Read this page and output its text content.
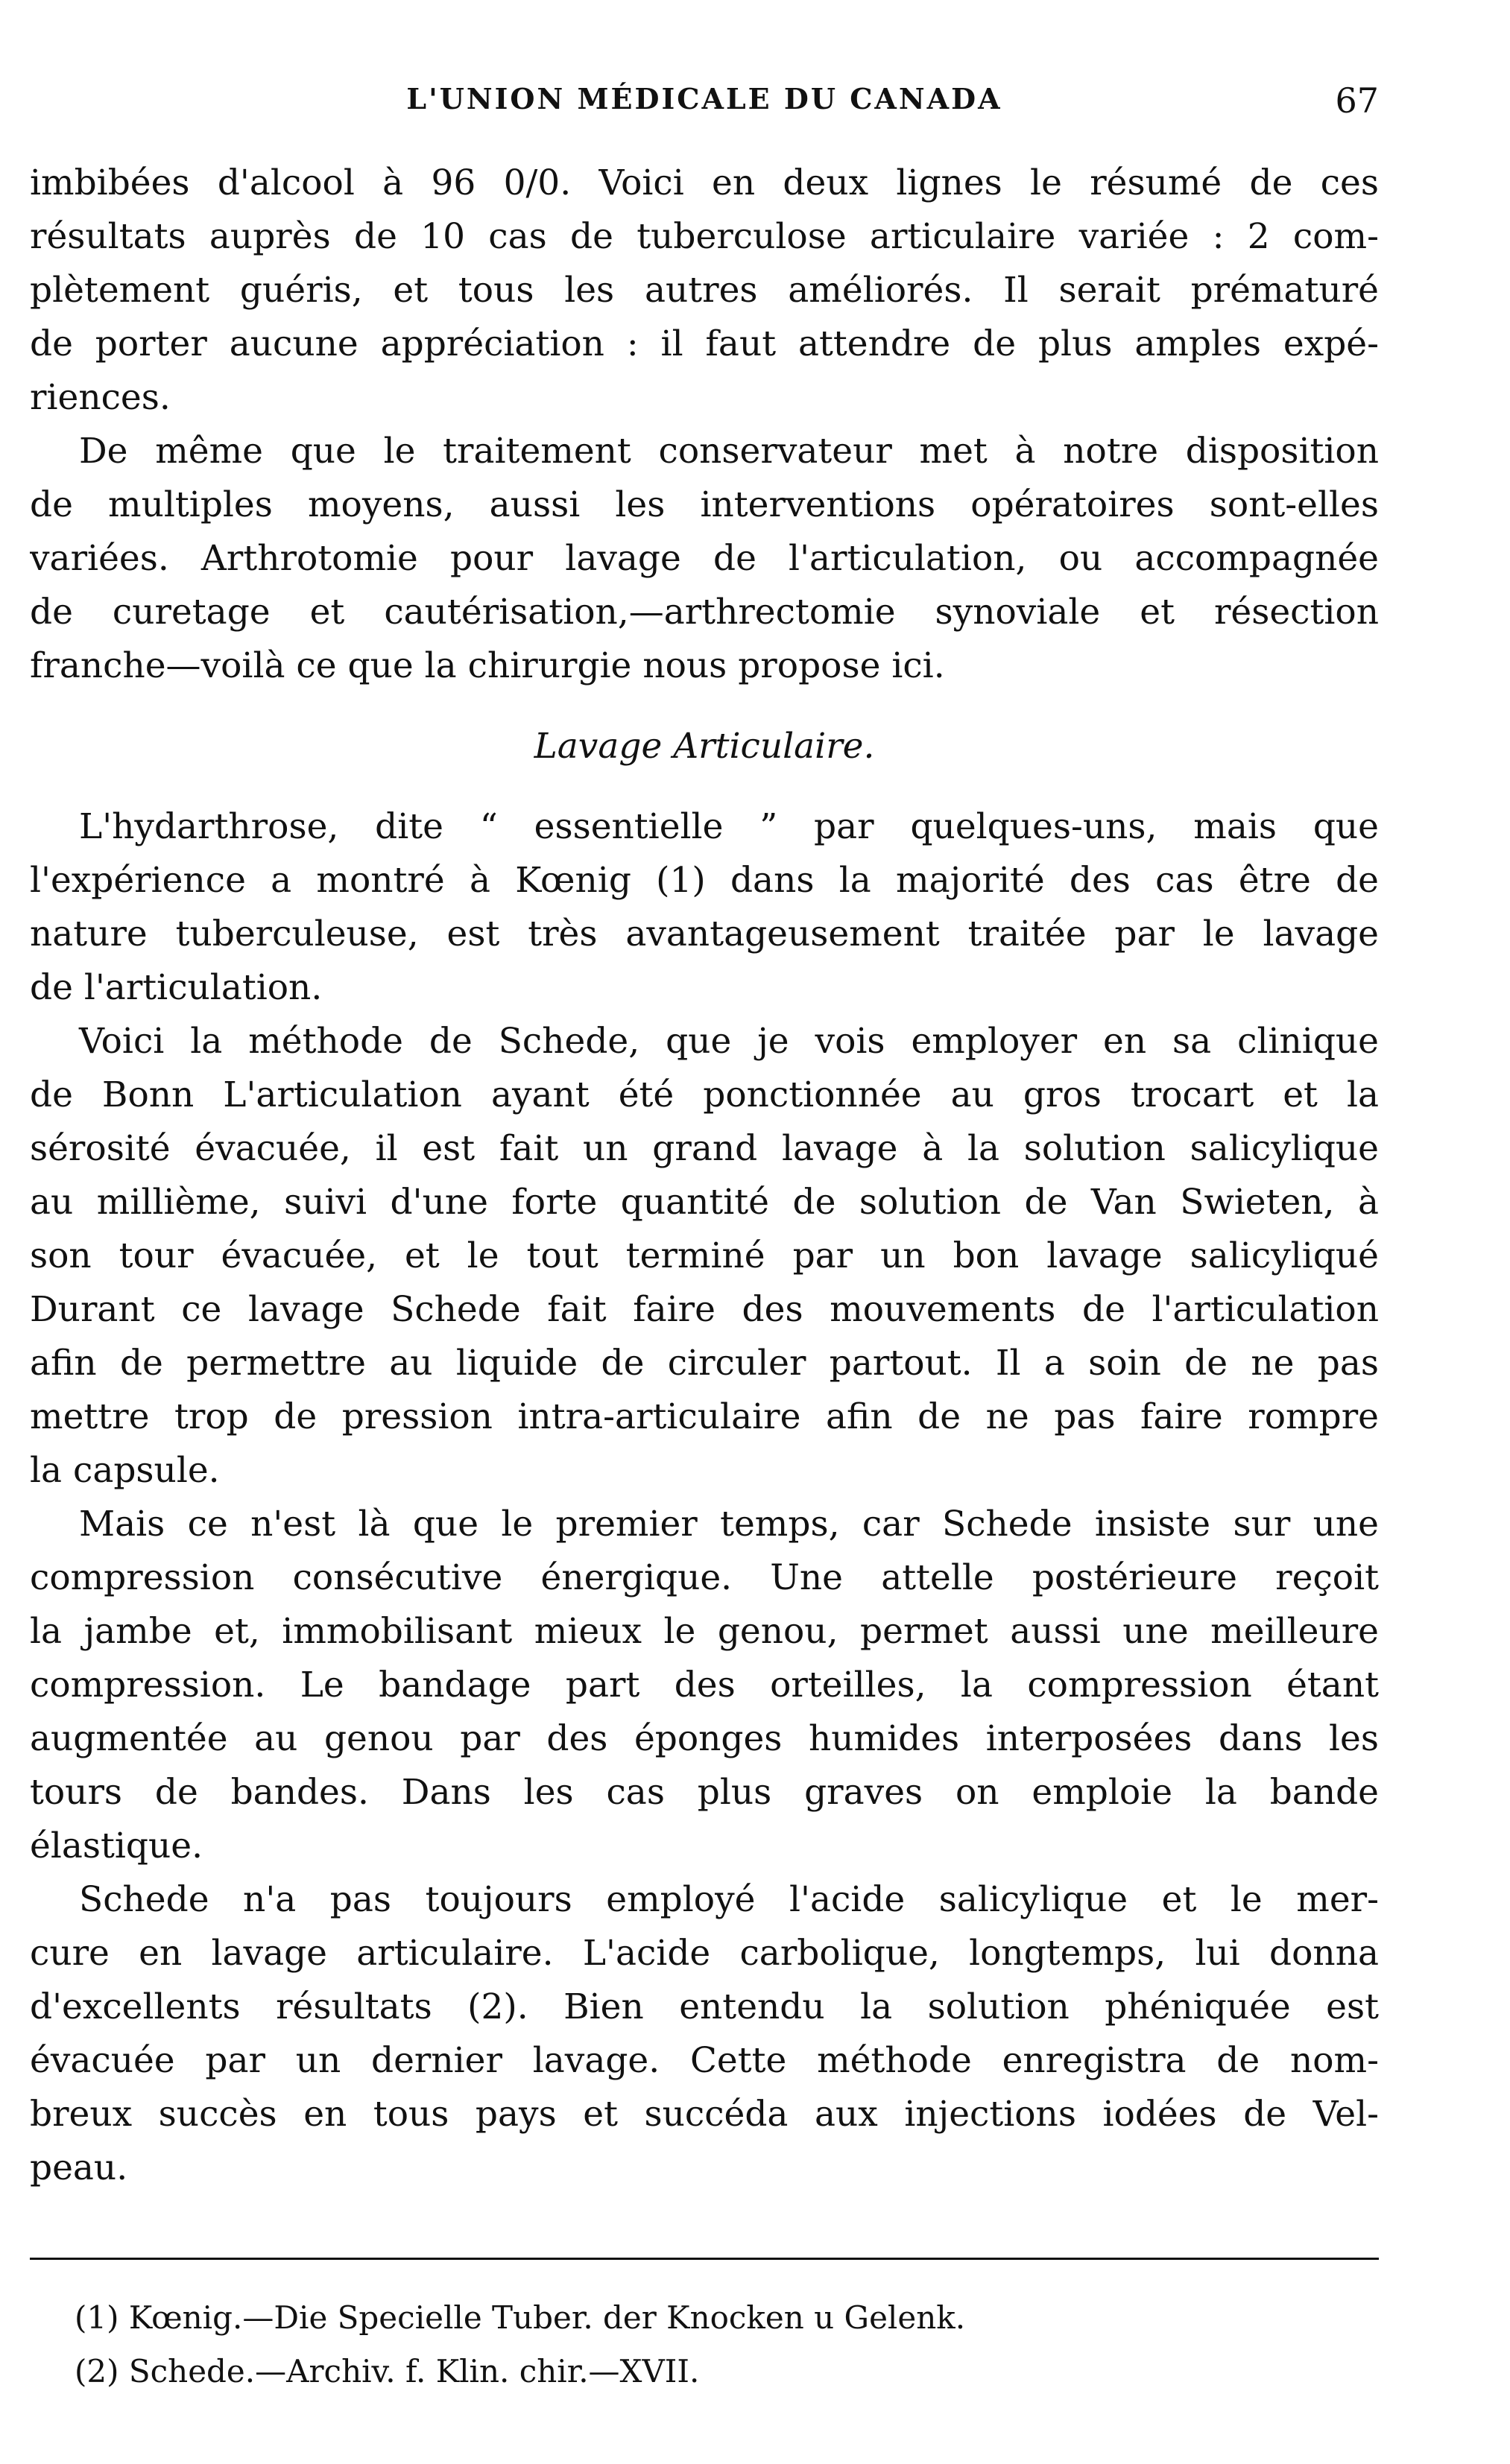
L'UNION MÉDICALE DU CANADA	67
imbibées d'alcool à 96 0/0. Voici en deux lignes le résumé de ces
résultats auprès de 10 cas de tuberculose articulaire variée : 2 com-
plètement guéris, et tous les autres améliorés. Il serait prématuré
de porter aucune appréciation : il faut attendre de plus amples expé-
riences.
De même que le traitement conservateur met à notre disposition
de multiples moyens, aussi les interventions opératoires sont-elles
variées. Arthrotomie pour lavage de l'articulation, ou accompagnée
de curetage et cautérisation,—arthrectomie synoviale et résection
franche—voilà ce que la chirurgie nous propose ici.
Lavage Articulaire.
L'hydarthrose, dite “ essentielle ” par quelques-uns, mais que
l'expérience a montré à Kœnig (1) dans la majorité des cas être de
nature tuberculeuse, est très avantageusement traitée par le lavage
de l'articulation.
Voici la méthode de Schede, que je vois employer en sa clinique
de Bonn L'articulation ayant été ponctionnée au gros trocart et la
sérosité évacuée, il est fait un grand lavage à la solution salicylique
au millième, suivi d'une forte quantité de solution de Van Swieten, à
son tour évacuée, et le tout terminé par un bon lavage salicyliqué
Durant ce lavage Schede fait faire des mouvements de l'articulation
afin de permettre au liquide de circuler partout. Il a soin de ne pas
mettre trop de pression intra-articulaire afin de ne pas faire rompre
la capsule.
Mais ce n'est là que le premier temps, car Schede insiste sur une
compression consécutive énergique. Une attelle postérieure reçoit
la jambe et, immobilisant mieux le genou, permet aussi une meilleure
compression. Le bandage part des orteilles, la compression étant
augmentée au genou par des éponges humides interposées dans les
tours de bandes. Dans les cas plus graves on emploie la bande
élastique.
Schede n'a pas toujours employé l'acide salicylique et le mer-
cure en lavage articulaire. L'acide carbolique, longtemps, lui donna
d'excellents résultats (2). Bien entendu la solution phéniquée est
évacuée par un dernier lavage. Cette méthode enregistra de nom-
breux succès en tous pays et succéda aux injections iodées de Vel-
peau.
(1) Kœnig.—Die Specielle Tuber. der Knocken u Gelenk.
(2) Schede.—Archiv. f. Klin. chir.—XVII.
